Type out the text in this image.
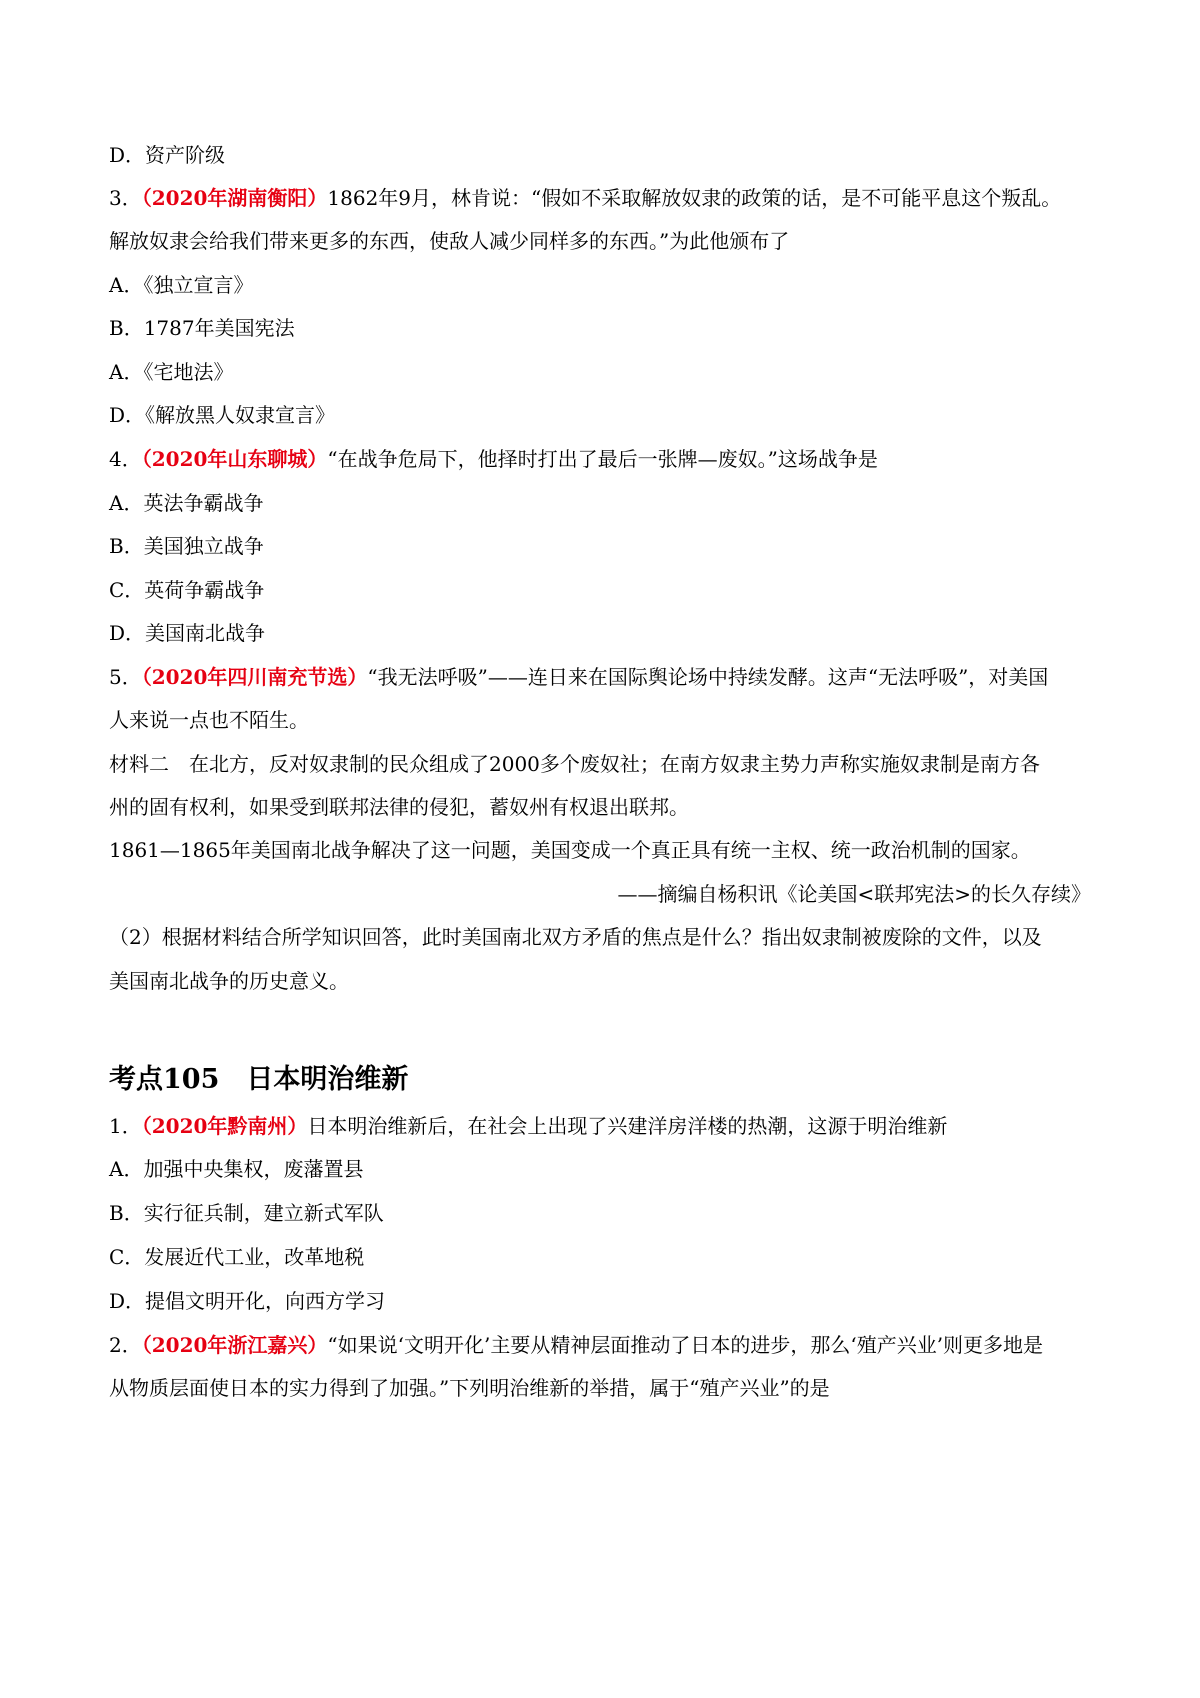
D．资产阶级
3．（2020年湖南衡阳）1862年9月，林肯说：“假如不采取解放奴隶的政策的话，是不可能平息这个叛乱。
解放奴隶会给我们带来更多的东西，使敌人减少同样多的东西。”为此他颁布了
A．《独立宣言》
B．1787年美国宪法
A．《宅地法》
D．《解放黑人奴隶宣言》
4．（2020年山东聊城）“在战争危局下，他择时打出了最后一张牌—废奴。”这场战争是
A．英法争霸战争
B．美国独立战争
C．英荷争霸战争
D．美国南北战争
5．（2020年四川南充节选）“我无法呼吸”——连日来在国际舆论场中持续发酵。这声“无法呼吸”，对美国
人来说一点也不陌生。
材料二　在北方，反对奴隶制的民众组成了2000多个废奴社；在南方奴隶主势力声称实施奴隶制是南方各
州的固有权利，如果受到联邦法律的侵犯，蓄奴州有权退出联邦。
1861—1865年美国南北战争解决了这一问题，美国变成一个真正具有统一主权、统一政治机制的国家。
——摘编自杨积讯《论美国<联邦宪法>的长久存续》
（2）根据材料结合所学知识回答，此时美国南北双方矛盾的焦点是什么？指出奴隶制被废除的文件，以及
美国南北战争的历史意义。
考点105　日本明治维新
1．（2020年黔南州）日本明治维新后，在社会上出现了兴建洋房洋楼的热潮，这源于明治维新
A．加强中央集权，废藩置县
B．实行征兵制，建立新式军队
C．发展近代工业，改革地税
D．提倡文明开化，向西方学习
2．（2020年浙江嘉兴）“如果说‘文明开化’主要从精神层面推动了日本的进步，那么‘殖产兴业’则更多地是
从物质层面使日本的实力得到了加强。”下列明治维新的举措，属于“殖产兴业”的是
